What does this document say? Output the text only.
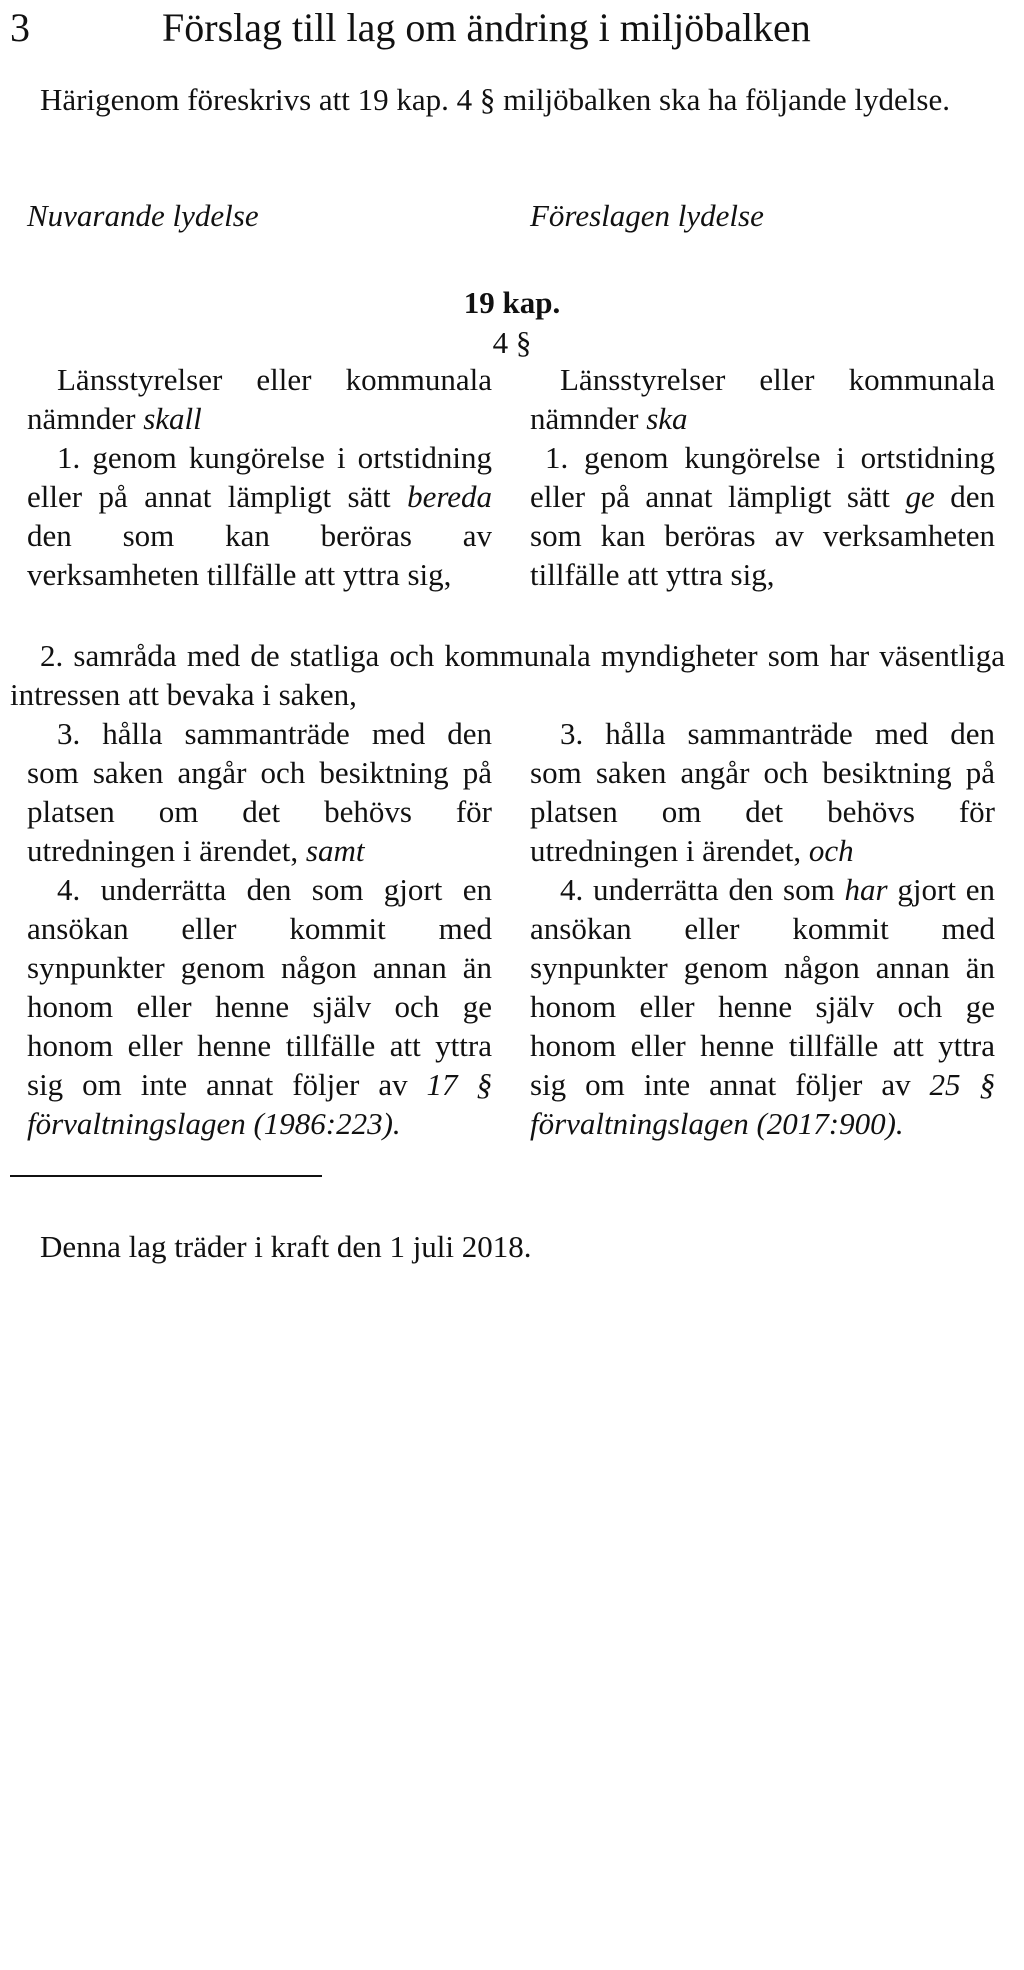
3	Förslag till lag om ändring i miljöbalken

Härigenom föreskrivs att 19 kap. 4 § miljöbalken ska ha följande lydelse.

Nuvarande lydelse	Föreslagen lydelse
19 kap.
4 §

Länsstyrelser eller kommunala nämnder skall

1. genom kungörelse i ortstidning eller på annat lämpligt sätt bereda den som kan beröras av verksamheten tillfälle att yttra sig,

Länsstyrelser eller kommunala nämnder ska

1. genom kungörelse i ortstidning eller på annat lämpligt sätt ge den som kan beröras av verksamheten tillfälle att yttra sig,

2. samråda med de statliga och kommunala myndigheter som har väsentliga intressen att bevaka i saken,

3. hålla sammanträde med den som saken angår och besiktning på platsen om det behövs för utredningen i ärendet, samt

4. underrätta den som gjort en ansökan eller kommit med synpunkter genom någon annan än honom eller henne själv och ge honom eller henne tillfälle att yttra sig om inte annat följer av 17 § förvaltningslagen (1986:223).

3. hålla sammanträde med den som saken angår och besiktning på platsen om det behövs för utredningen i ärendet, och

4. underrätta den som har gjort en ansökan eller kommit med synpunkter genom någon annan än honom eller henne själv och ge honom eller henne tillfälle att yttra sig om inte annat följer av 25 § förvaltningslagen (2017:900).

Denna lag träder i kraft den 1 juli 2018.
